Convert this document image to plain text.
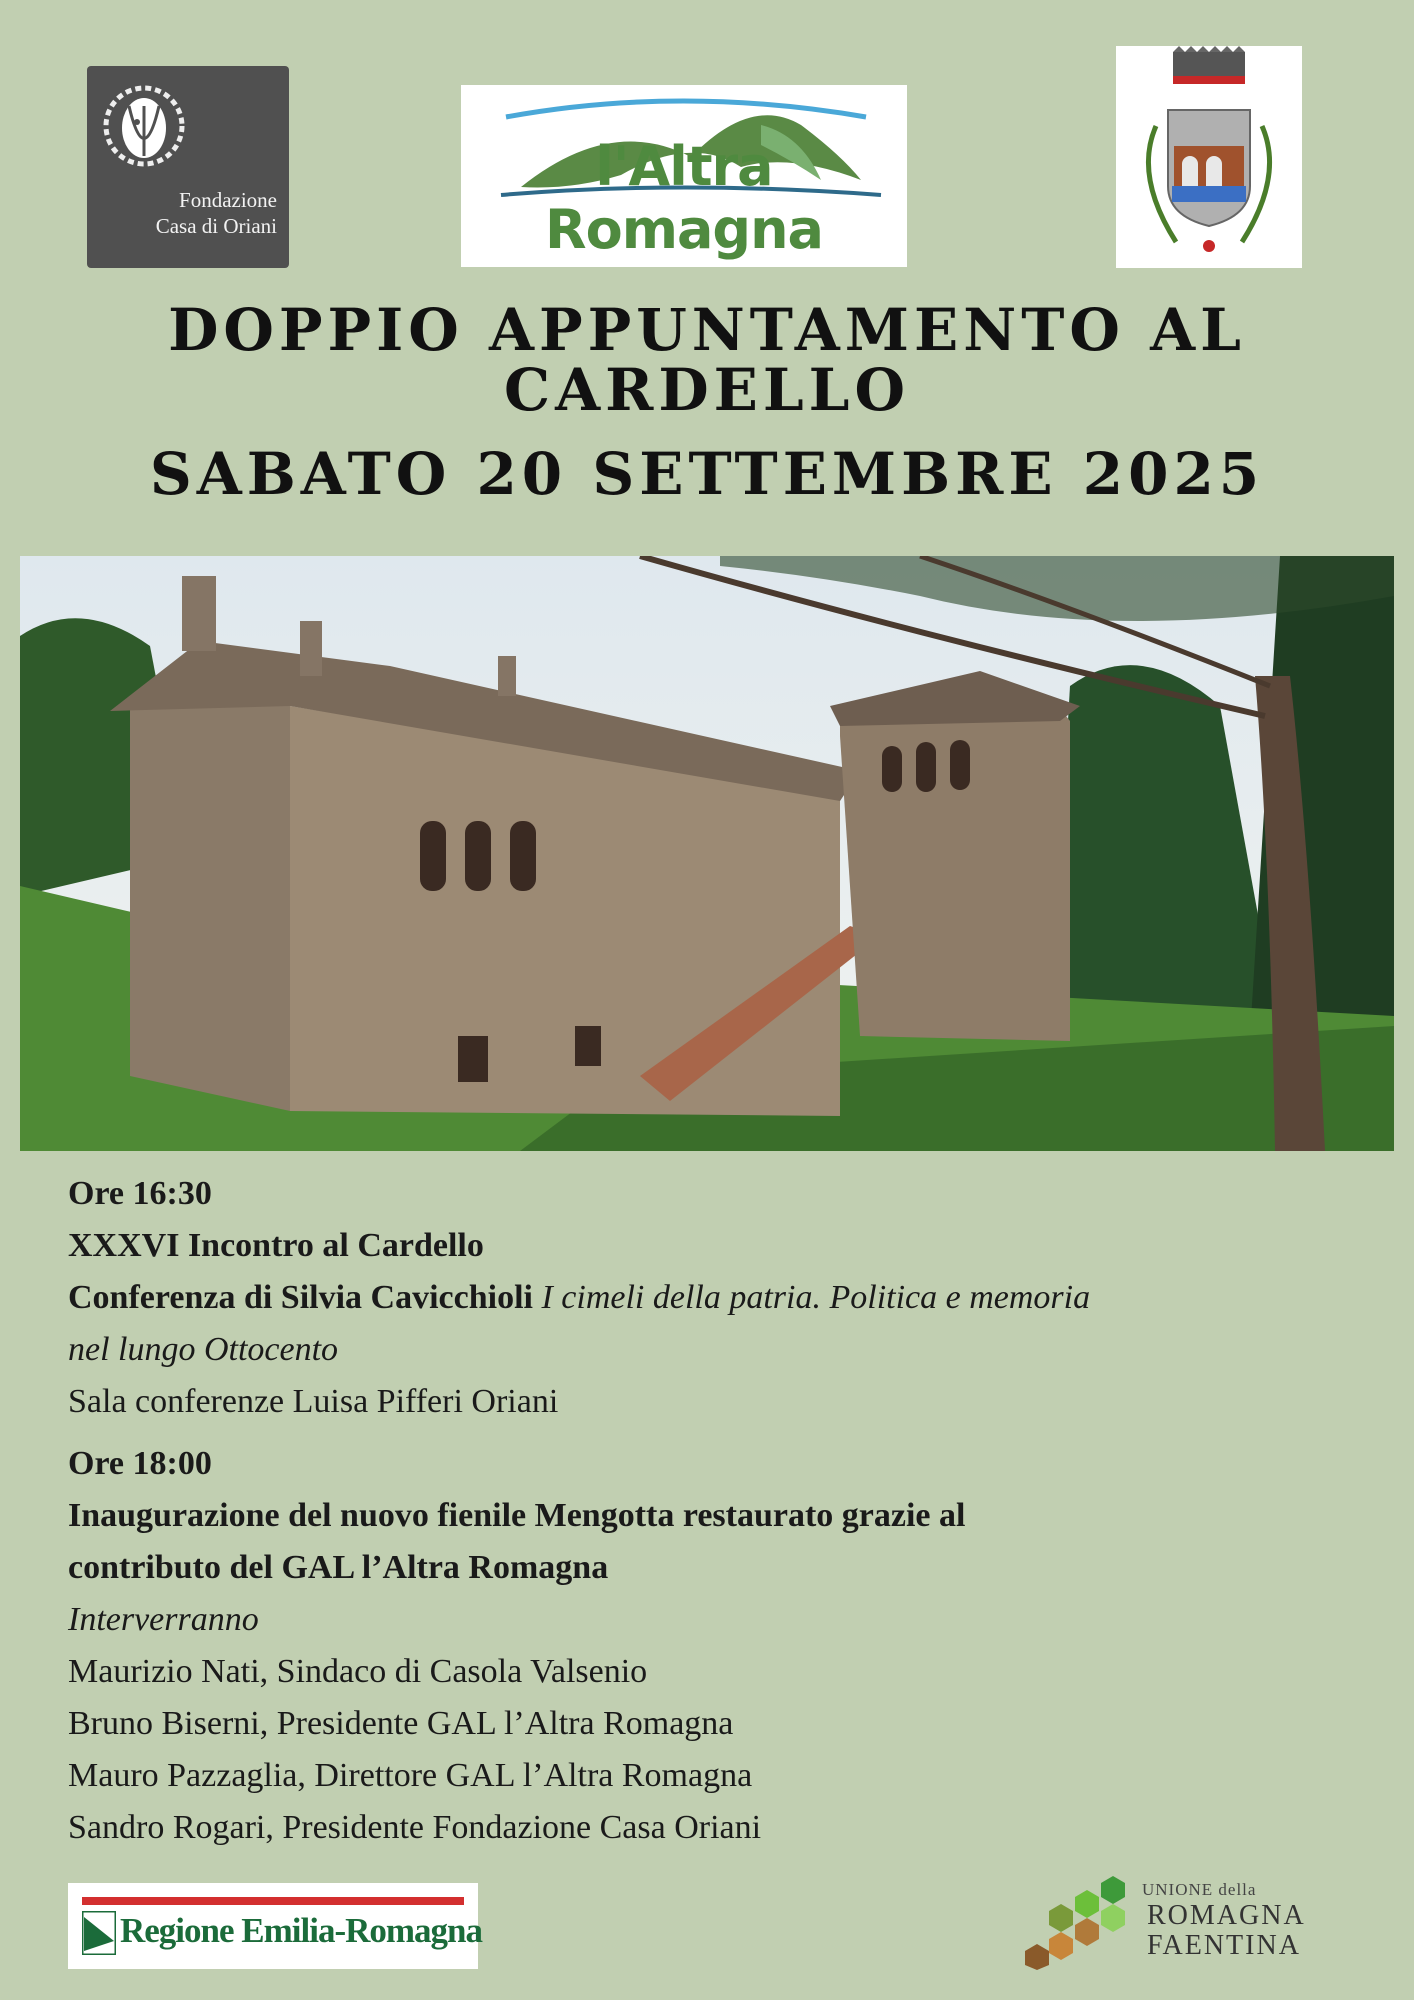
Fondazione
Casa di Oriani
l'Altra Romagna
DOPPIO APPUNTAMENTO AL
CARDELLO
SABATO 20 SETTEMBRE 2025

Ore 16:30

XXXVI Incontro al Cardello

Conferenza di Silvia Cavicchioli I cimeli della patria. Politica e memoria

nel lungo Ottocento

Sala conferenze Luisa Pifferi Oriani

Ore 18:00

Inaugurazione del nuovo fienile Mengotta restaurato grazie al

contributo del GAL l’Altra Romagna

Interverranno

Maurizio Nati, Sindaco di Casola Valsenio

Bruno Biserni, Presidente GAL l’Altra Romagna

Mauro Pazzaglia, Direttore GAL l’Altra Romagna

Sandro Rogari, Presidente Fondazione Casa Oriani

Regione Emilia-Romagna
UNIONE della
ROMAGNA
FAENTINA
